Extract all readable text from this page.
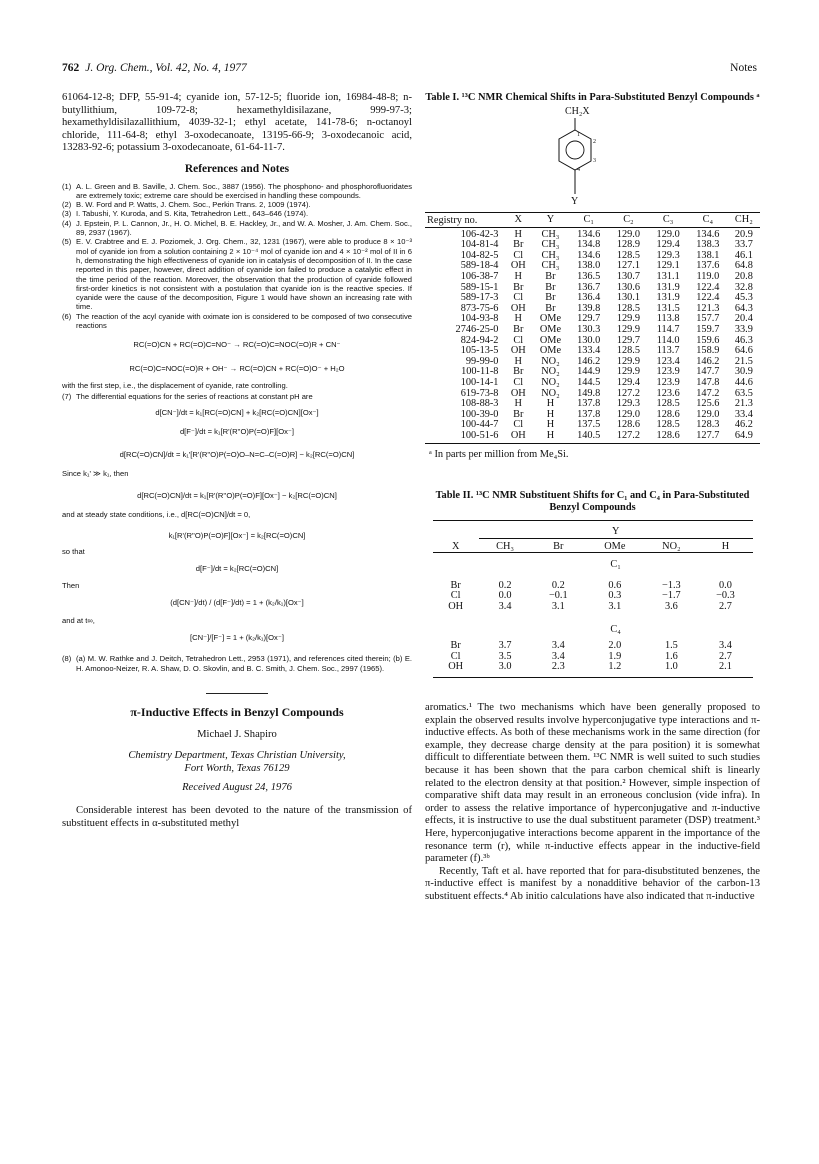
762 J. Org. Chem., Vol. 42, No. 4, 1977	Notes

61064-12-8; DFP, 55-91-4; cyanide ion, 57-12-5; fluoride ion, 16984-48-8; n-butyllithium, 109-72-8; hexamethyldisilazane, 999-97-3; hexamethyldisilazallithium, 4039-32-1; ethyl acetate, 141-78-6; n-octanoyl chloride, 111-64-8; ethyl 3-oxodecanoate, 13195-66-9; 3-oxodecanoic acid, 13283-92-6; potassium 3-oxodecanoate, 61-64-11-7.

References and Notes
(1) A. L. Green and B. Saville, J. Chem. Soc., 3887 (1956). The phosphono- and phosphorofluoridates are extremely toxic; extreme care should be exercised in handling these compounds.
(2) B. W. Ford and P. Watts, J. Chem. Soc., Perkin Trans. 2, 1009 (1974).
(3) I. Tabushi, Y. Kuroda, and S. Kita, Tetrahedron Lett., 643–646 (1974).
(4) J. Epstein, P. L. Cannon, Jr., H. O. Michel, B. E. Hackley, Jr., and W. A. Mosher, J. Am. Chem. Soc., 89, 2937 (1967).
(5) E. V. Crabtree and E. J. Poziomek, J. Org. Chem., 32, 1231 (1967), were able to produce 8 × 10⁻³ mol of cyanide ion from a solution containing 2 × 10⁻⁴ mol of cyanide ion and 4 × 10⁻² mol of II in 6 h, demonstrating the high effectiveness of cyanide ion in catalysis of decomposition of II. In the case reported in this paper, however, direct addition of cyanide ion failed to produce a catalytic effect in the time period of the reaction. Moreover, the observation that the production of cyanide followed first-order kinetics is not consistent with a postulation that cyanide ion is the reactive species. If cyanide were the cause of the decomposition, Figure 1 would have shown an increasing rate with time.
(6) The reaction of the acyl cyanide with oximate ion is considered to be composed of two consecutive reactions
RC(=O)CN + RC(=O)C=NO⁻ → RC(=O)C=NOC(=O)R + CN⁻
RC(=O)C=NOC(=O)R + OH⁻ → RC(=O)CN + RC(=O)O⁻ + H₂O
with the first step, i.e., the displacement of cyanide, rate controlling.
(7) The differential equations for the series of reactions at constant pH are
d[CN⁻]/dt = k₁[RC(=O)CN] + k₂[RC(=O)CN][Ox⁻]
d[F⁻]/dt = k₁[R'(R''O)P(=O)F][Ox⁻]
d[RC(=O)CN]/dt = k₁'[R'(R''O)P(=O)O–N=C–C(=O)R] − k₂[RC(=O)CN]
Since k₁' ≫ k₁, then
d[RC(=O)CN]/dt = k₁[R'(R''O)P(=O)F][Ox⁻] − k₂[RC(=O)CN]
and at steady state conditions, i.e., d[RC(=O)CN]/dt = 0,
k₁[R'(R''O)P(=O)F][Ox⁻] = k₂[RC(=O)CN]
so that
d[F⁻]/dt = k₂[RC(=O)CN]
Then
(d[CN⁻]/dt) / (d[F⁻]/dt) = 1 + (k₂/k₁)[Ox⁻]
and at t∞,
[CN⁻]/[F⁻] = 1 + (k₂/k₁)[Ox⁻]
(8) (a) M. W. Rathke and J. Deitch, Tetrahedron Lett., 2953 (1971), and references cited therein; (b) E. H. Amonoo-Neizer, R. A. Shaw, D. O. Skovlin, and B. C. Smith, J. Chem. Soc., 2997 (1965).
π-Inductive Effects in Benzyl Compounds
Michael J. Shapiro
Chemistry Department, Texas Christian University,
Fort Worth, Texas 76129
Received August 24, 1976

Considerable interest has been devoted to the nature of the transmission of substituent effects in α-substituted methyl

Table I. ¹³C NMR Chemical Shifts in Para-Substituted Benzyl Compounds ᵃ
CH₂X
1
2
3
4
Y
Registry no.	X	Y	C₁	C₂	C₃	C₄	CH₂

106-42-3	H	CH₃	134.6	129.0	129.0	134.6	20.9
104-81-4	Br	CH₃	134.8	128.9	129.4	138.3	33.7
104-82-5	Cl	CH₃	134.6	128.5	129.3	138.1	46.1
589-18-4	OH	CH₃	138.0	127.1	129.1	137.6	64.8
106-38-7	H	Br	136.5	130.7	131.1	119.0	20.8
589-15-1	Br	Br	136.7	130.6	131.9	122.4	32.8
589-17-3	Cl	Br	136.4	130.1	131.9	122.4	45.3
873-75-6	OH	Br	139.8	128.5	131.5	121.3	64.3
104-93-8	H	OMe	129.7	129.9	113.8	157.7	20.4
2746-25-0	Br	OMe	130.3	129.9	114.7	159.7	33.9
824-94-2	Cl	OMe	130.0	129.7	114.0	159.6	46.3
105-13-5	OH	OMe	133.4	128.5	113.7	158.9	64.6
99-99-0	H	NO₂	146.2	129.9	123.4	146.2	21.5
100-11-8	Br	NO₂	144.9	129.9	123.9	147.7	30.9
100-14-1	Cl	NO₂	144.5	129.4	123.9	147.8	44.6
619-73-8	OH	NO₂	149.8	127.2	123.6	147.2	63.5
108-88-3	H	H	137.8	129.3	128.5	125.6	21.3
100-39-0	Br	H	137.8	129.0	128.6	129.0	33.4
100-44-7	Cl	H	137.5	128.6	128.5	128.3	46.2
100-51-6	OH	H	140.5	127.2	128.6	127.7	64.9

ᵃ In parts per million from Me₄Si.
Table II. ¹³C NMR Substituent Shifts for C₁ and C₄ in Para-Substituted Benzyl Compounds
	Y				

X	CH₃	Br	OMe	NO₂	H

	C₁				

Br	0.2	0.2	0.6	−1.3	0.0
Cl	0.0	−0.1	0.3	−1.7	−0.3
OH	3.4	3.1	3.1	3.6	2.7
	C₄				
Br	3.7	3.4	2.0	1.5	3.4
Cl	3.5	3.4	1.9	1.6	2.7
OH	3.0	2.3	1.2	1.0	2.1

aromatics.¹ The two mechanisms which have been generally proposed to explain the observed results involve hyperconjugative type interactions and π-inductive effects. As both of these mechanisms work in the same direction (for example, they decrease charge density at the para position) it is somewhat difficult to differentiate between them. ¹³C NMR is well suited to such studies because it has been shown that the para carbon chemical shift is linearly related to the electron density at that position.² However, simple inspection of comparative shift data may result in an erroneous conclusion (vide infra). In order to assess the relative importance of hyperconjugative and π-inductive effects, it is instructive to use the dual substituent parameter (DSP) treatment.³ Here, hyperconjugative interactions become apparent in the importance of the resonance term (r), while π-inductive effects appear in the inductive-field parameter (f).³ᵇ

Recently, Taft et al. have reported that for para-disubstituted benzenes, the π-inductive effect is manifest by a nonadditive behavior of the carbon-13 substituent effects.⁴ Ab initio calculations have also indicated that π-inductive
